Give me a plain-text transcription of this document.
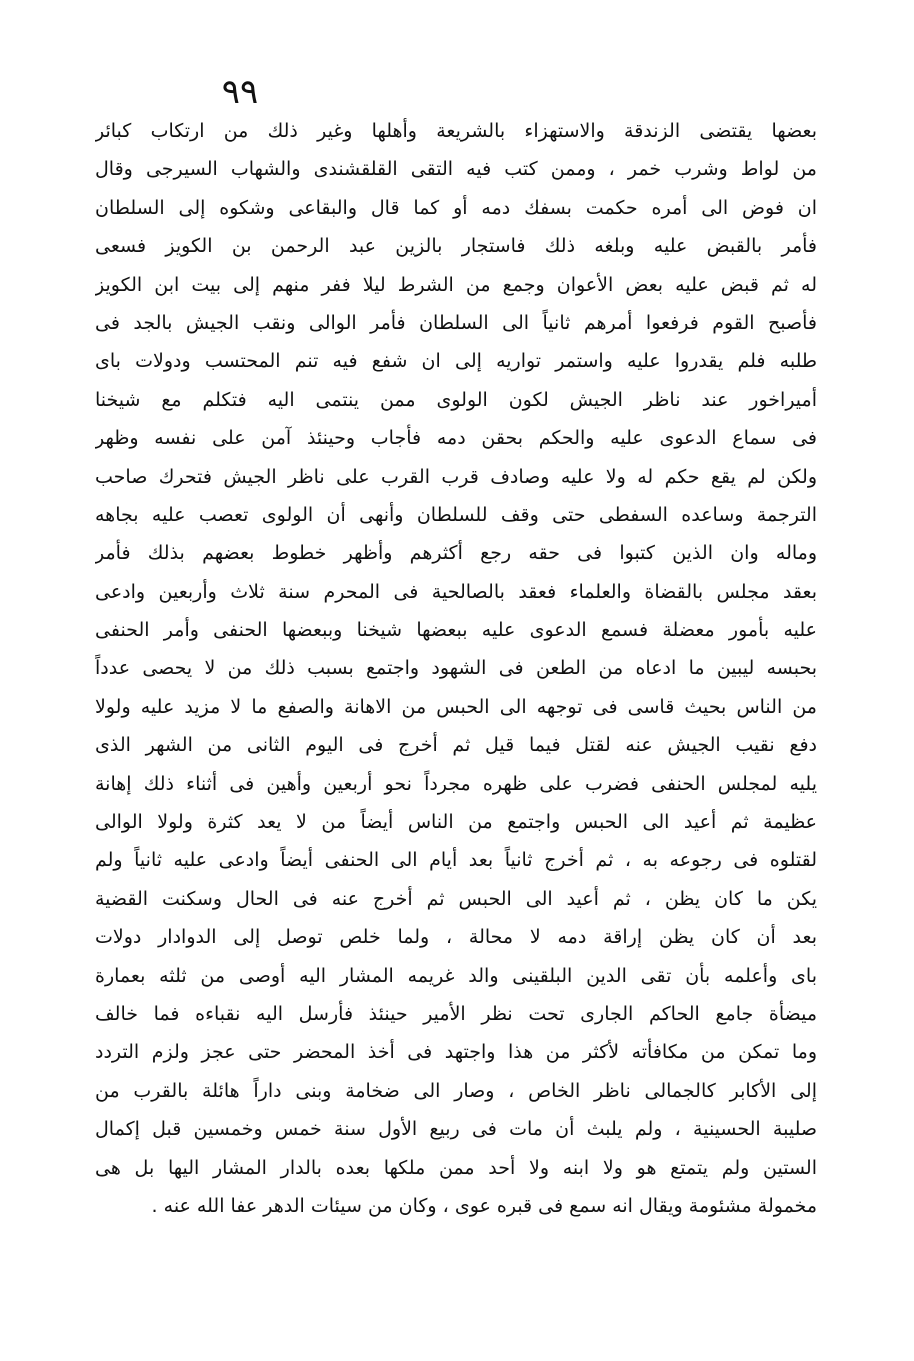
٩٩
بعضها يقتضى الزندقة والاستهزاء بالشريعة وأهلها وغير ذلك من ارتكاب كبائر
من لواط وشرب خمر ، وممن كتب فيه التقى القلقشندى والشهاب السيرجى وقال
ان فوض الى أمره حكمت بسفك دمه أو كما قال والبقاعى وشكوه إلى السلطان
فأمر بالقبض عليه وبلغه ذلك فاستجار بالزين عبد الرحمن بن الكويز فسعى
له ثم قبض عليه بعض الأعوان وجمع من الشرط ليلا ففر منهم إلى بيت ابن الكويز
فأصبح القوم فرفعوا أمرهم ثانياً الى السلطان فأمر الوالى ونقب الجيش بالجد فى
طلبه فلم يقدروا عليه واستمر تواريه إلى ان شفع فيه تنم المحتسب ودولات باى
أميراخور عند ناظر الجيش لكون الولوى ممن ينتمى اليه فتكلم مع شيخنا
فى سماع الدعوى عليه والحكم بحقن دمه فأجاب وحينئذ آمن على نفسه وظهر
ولكن لم يقع حكم له ولا عليه وصادف قرب القرب على ناظر الجيش فتحرك صاحب
الترجمة وساعده السفطى حتى وقف للسلطان وأنهى أن الولوى تعصب عليه بجاهه
وماله وان الذين كتبوا فى حقه رجع أكثرهم وأظهر خطوط بعضهم بذلك فأمر
بعقد مجلس بالقضاة والعلماء فعقد بالصالحية فى المحرم سنة ثلاث وأربعين وادعى
عليه بأمور معضلة فسمع الدعوى عليه ببعضها شيخنا وببعضها الحنفى وأمر الحنفى
بحبسه ليبين ما ادعاه من الطعن فى الشهود واجتمع بسبب ذلك من لا يحصى عدداً
من الناس بحيث قاسى فى توجهه الى الحبس من الاهانة والصفع ما لا مزيد عليه ولولا
دفع نقيب الجيش عنه لقتل فيما قيل ثم أخرج فى اليوم الثانى من الشهر الذى
يليه لمجلس الحنفى فضرب على ظهره مجرداً نحو أربعين وأهين فى أثناء ذلك إهانة
عظيمة ثم أعيد الى الحبس واجتمع من الناس أيضاً من لا يعد كثرة ولولا الوالى
لقتلوه فى رجوعه به ، ثم أخرج ثانياً بعد أيام الى الحنفى أيضاً وادعى عليه ثانياً ولم
يكن ما كان يظن ، ثم أعيد الى الحبس ثم أخرج عنه فى الحال وسكنت القضية
بعد أن كان يظن إراقة دمه لا محالة ، ولما خلص توصل إلى الدوادار دولات
باى وأعلمه بأن تقى الدين البلقينى والد غريمه المشار اليه أوصى من ثلثه بعمارة
ميضأة جامع الحاكم الجارى تحت نظر الأمير حينئذ فأرسل اليه نقباءه فما خالف
وما تمكن من مكافأته لأكثر من هذا واجتهد فى أخذ المحضر حتى عجز ولزم التردد
إلى الأكابر كالجمالى ناظر الخاص ، وصار الى ضخامة وبنى داراً هائلة بالقرب من
صليبة الحسينية ، ولم يلبث أن مات فى ربيع الأول سنة خمس وخمسين قبل إكمال
الستين ولم يتمتع هو ولا ابنه ولا أحد ممن ملكها بعده بالدار المشار اليها بل هى
مخمولة مشئومة ويقال انه سمع فى قبره عوى ، وكان من سيئات الدهر عفا الله عنه .
